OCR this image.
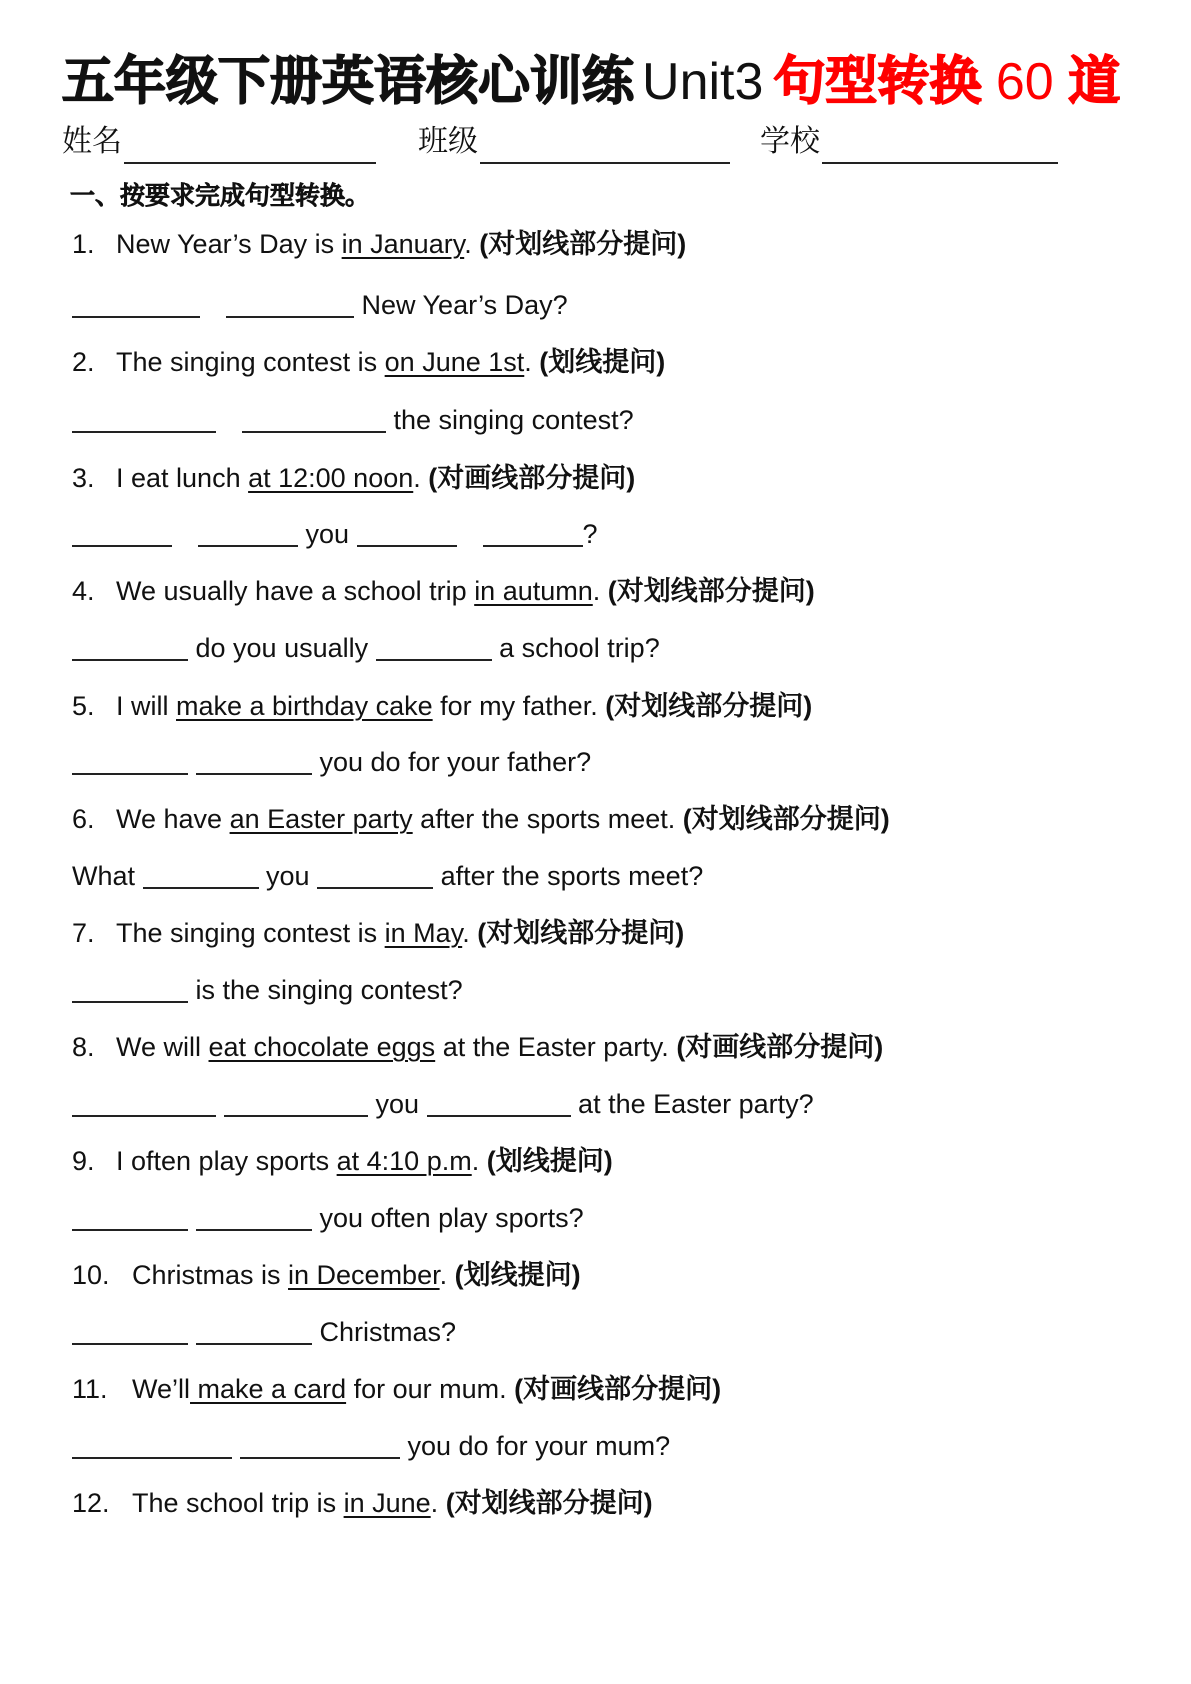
五年级下册英语核心训练 Unit3 句型转换 60 道
姓名	班级	学校
一、按要求完成句型转换。
1. New Year’s Day is in January. (对划线部分提问)
New Year’s Day?
2. The singing contest is on June 1st. (划线提问)
the singing contest?
3. I eat lunch at 12:00 noon. (对画线部分提问)
you	?
4. We usually have a school trip in autumn. (对划线部分提问)
do you usually	a school trip?
5. I will make a birthday cake for my father. (对划线部分提问)
you do for your father?
6. We have an Easter party after the sports meet. (对划线部分提问)
What	you	after the sports meet?
7. The singing contest is in May. (对划线部分提问)
is the singing contest?
8. We will eat chocolate eggs at the Easter party. (对画线部分提问)
you	at the Easter party?
9. I often play sports at 4:10 p.m. (划线提问)
you often play sports?
10. Christmas is in December. (划线提问)
Christmas?
11. We’ll make a card for our mum. (对画线部分提问)
you do for your mum?
12. The school trip is in June. (对划线部分提问)
